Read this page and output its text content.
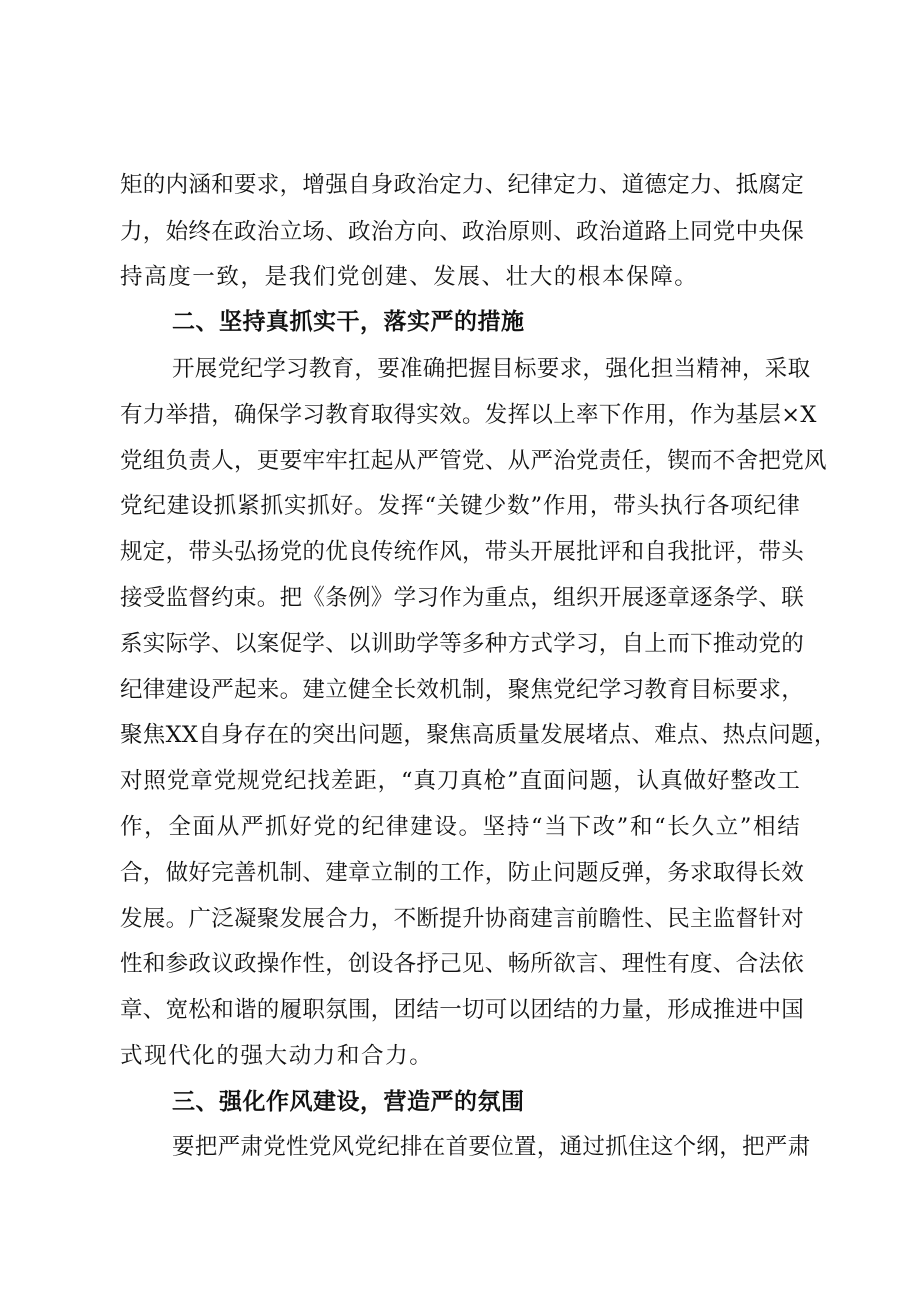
矩的内涵和要求，增强自身政治定力、纪律定力、道德定力、抵腐定
力，始终在政治立场、政治方向、政治原则、政治道路上同党中央保
持高度一致，是我们党创建、发展、壮大的根本保障。
二、坚持真抓实干，落实严的措施
开展党纪学习教育，要准确把握目标要求，强化担当精神，采取
有力举措，确保学习教育取得实效。发挥以上率下作用，作为基层×X
党组负责人，更要牢牢扛起从严管党、从严治党责任，锲而不舍把党风
党纪建设抓紧抓实抓好。发挥“关键少数”作用，带头执行各项纪律
规定，带头弘扬党的优良传统作风，带头开展批评和自我批评，带头
接受监督约束。把《条例》学习作为重点，组织开展逐章逐条学、联
系实际学、以案促学、以训助学等多种方式学习，自上而下推动党的
纪律建设严起来。建立健全长效机制，聚焦党纪学习教育目标要求，
聚焦XX自身存在的突出问题，聚焦高质量发展堵点、难点、热点问题，
对照党章党规党纪找差距，“真刀真枪”直面问题，认真做好整改工
作，全面从严抓好党的纪律建设。坚持“当下改”和“长久立”相结
合，做好完善机制、建章立制的工作，防止问题反弹，务求取得长效
发展。广泛凝聚发展合力，不断提升协商建言前瞻性、民主监督针对
性和参政议政操作性，创设各抒己见、畅所欲言、理性有度、合法依
章、宽松和谐的履职氛围，团结一切可以团结的力量，形成推进中国
式现代化的强大动力和合力。
三、强化作风建设，营造严的氛围
要把严肃党性党风党纪排在首要位置，通过抓住这个纲，把严肃
